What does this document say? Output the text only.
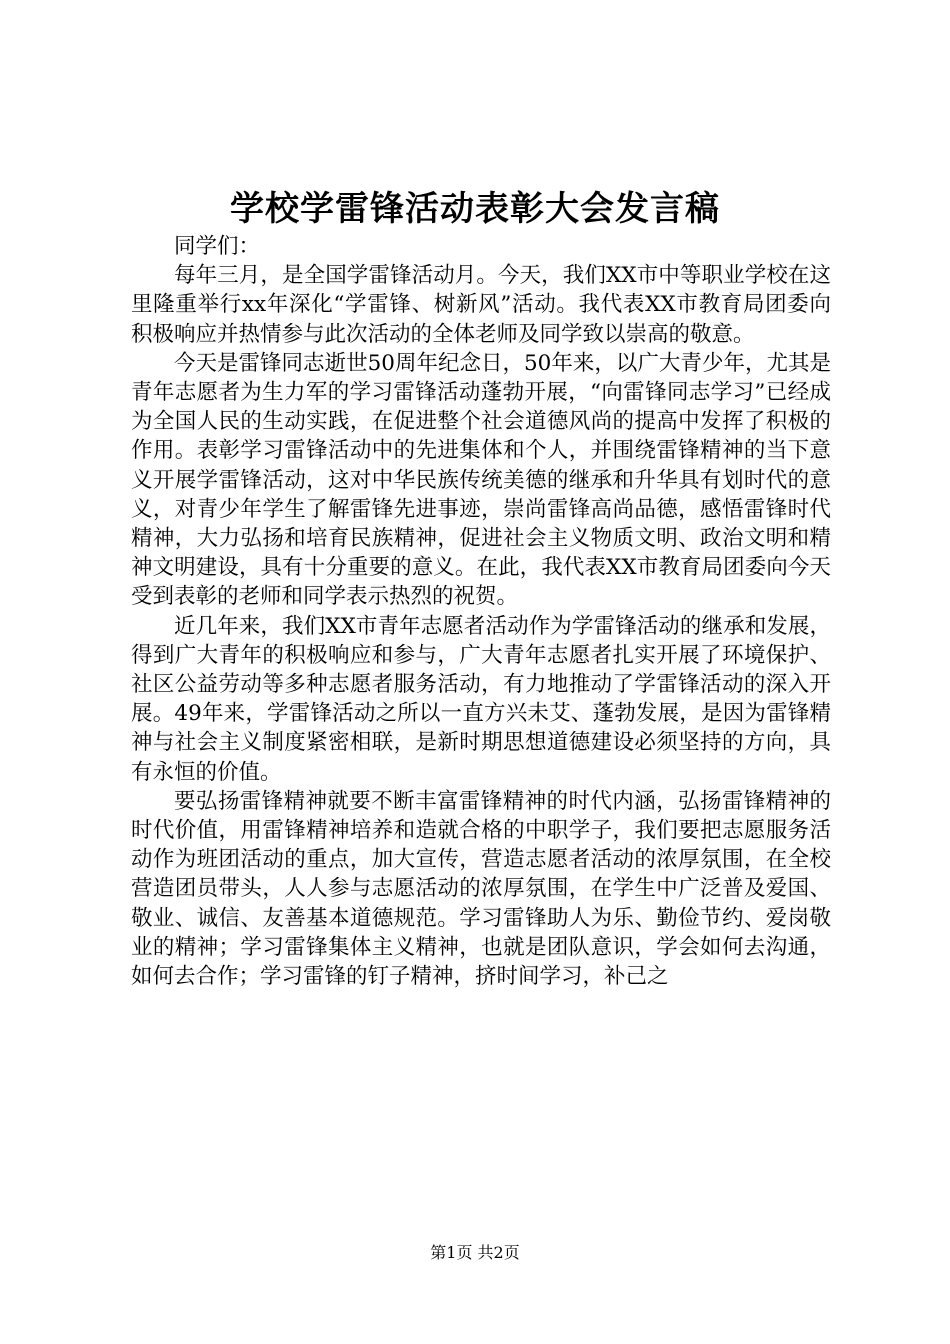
学校学雷锋活动表彰大会发言稿

同学们：

每年三月，是全国学雷锋活动月。今天，我们XX市中等职业学校在这里隆重举行xx年深化“学雷锋、树新风”活动。我代表XX市教育局团委向积极响应并热情参与此次活动的全体老师及同学致以崇高的敬意。

今天是雷锋同志逝世50周年纪念日，50年来，以广大青少年，尤其是青年志愿者为生力军的学习雷锋活动蓬勃开展，“向雷锋同志学习”已经成为全国人民的生动实践，在促进整个社会道德风尚的提高中发挥了积极的作用。表彰学习雷锋活动中的先进集体和个人，并围绕雷锋精神的当下意义开展学雷锋活动，这对中华民族传统美德的继承和升华具有划时代的意义，对青少年学生了解雷锋先进事迹，崇尚雷锋高尚品德，感悟雷锋时代精神，大力弘扬和培育民族精神，促进社会主义物质文明、政治文明和精神文明建设，具有十分重要的意义。在此，我代表XX市教育局团委向今天受到表彰的老师和同学表示热烈的祝贺。

近几年来，我们XX市青年志愿者活动作为学雷锋活动的继承和发展，得到广大青年的积极响应和参与，广大青年志愿者扎实开展了环境保护、社区公益劳动等多种志愿者服务活动，有力地推动了学雷锋活动的深入开展。49年来，学雷锋活动之所以一直方兴未艾、蓬勃发展，是因为雷锋精神与社会主义制度紧密相联，是新时期思想道德建设必须坚持的方向，具有永恒的价值。

要弘扬雷锋精神就要不断丰富雷锋精神的时代内涵，弘扬雷锋精神的时代价值，用雷锋精神培养和造就合格的中职学子，我们要把志愿服务活动作为班团活动的重点，加大宣传，营造志愿者活动的浓厚氛围，在全校营造团员带头，人人参与志愿活动的浓厚氛围，在学生中广泛普及爱国、敬业、诚信、友善基本道德规范。学习雷锋助人为乐、勤俭节约、爱岗敬业的精神；学习雷锋集体主义精神，也就是团队意识，学会如何去沟通，如何去合作；学习雷锋的钉子精神，挤时间学习，补己之

第1页 共2页
